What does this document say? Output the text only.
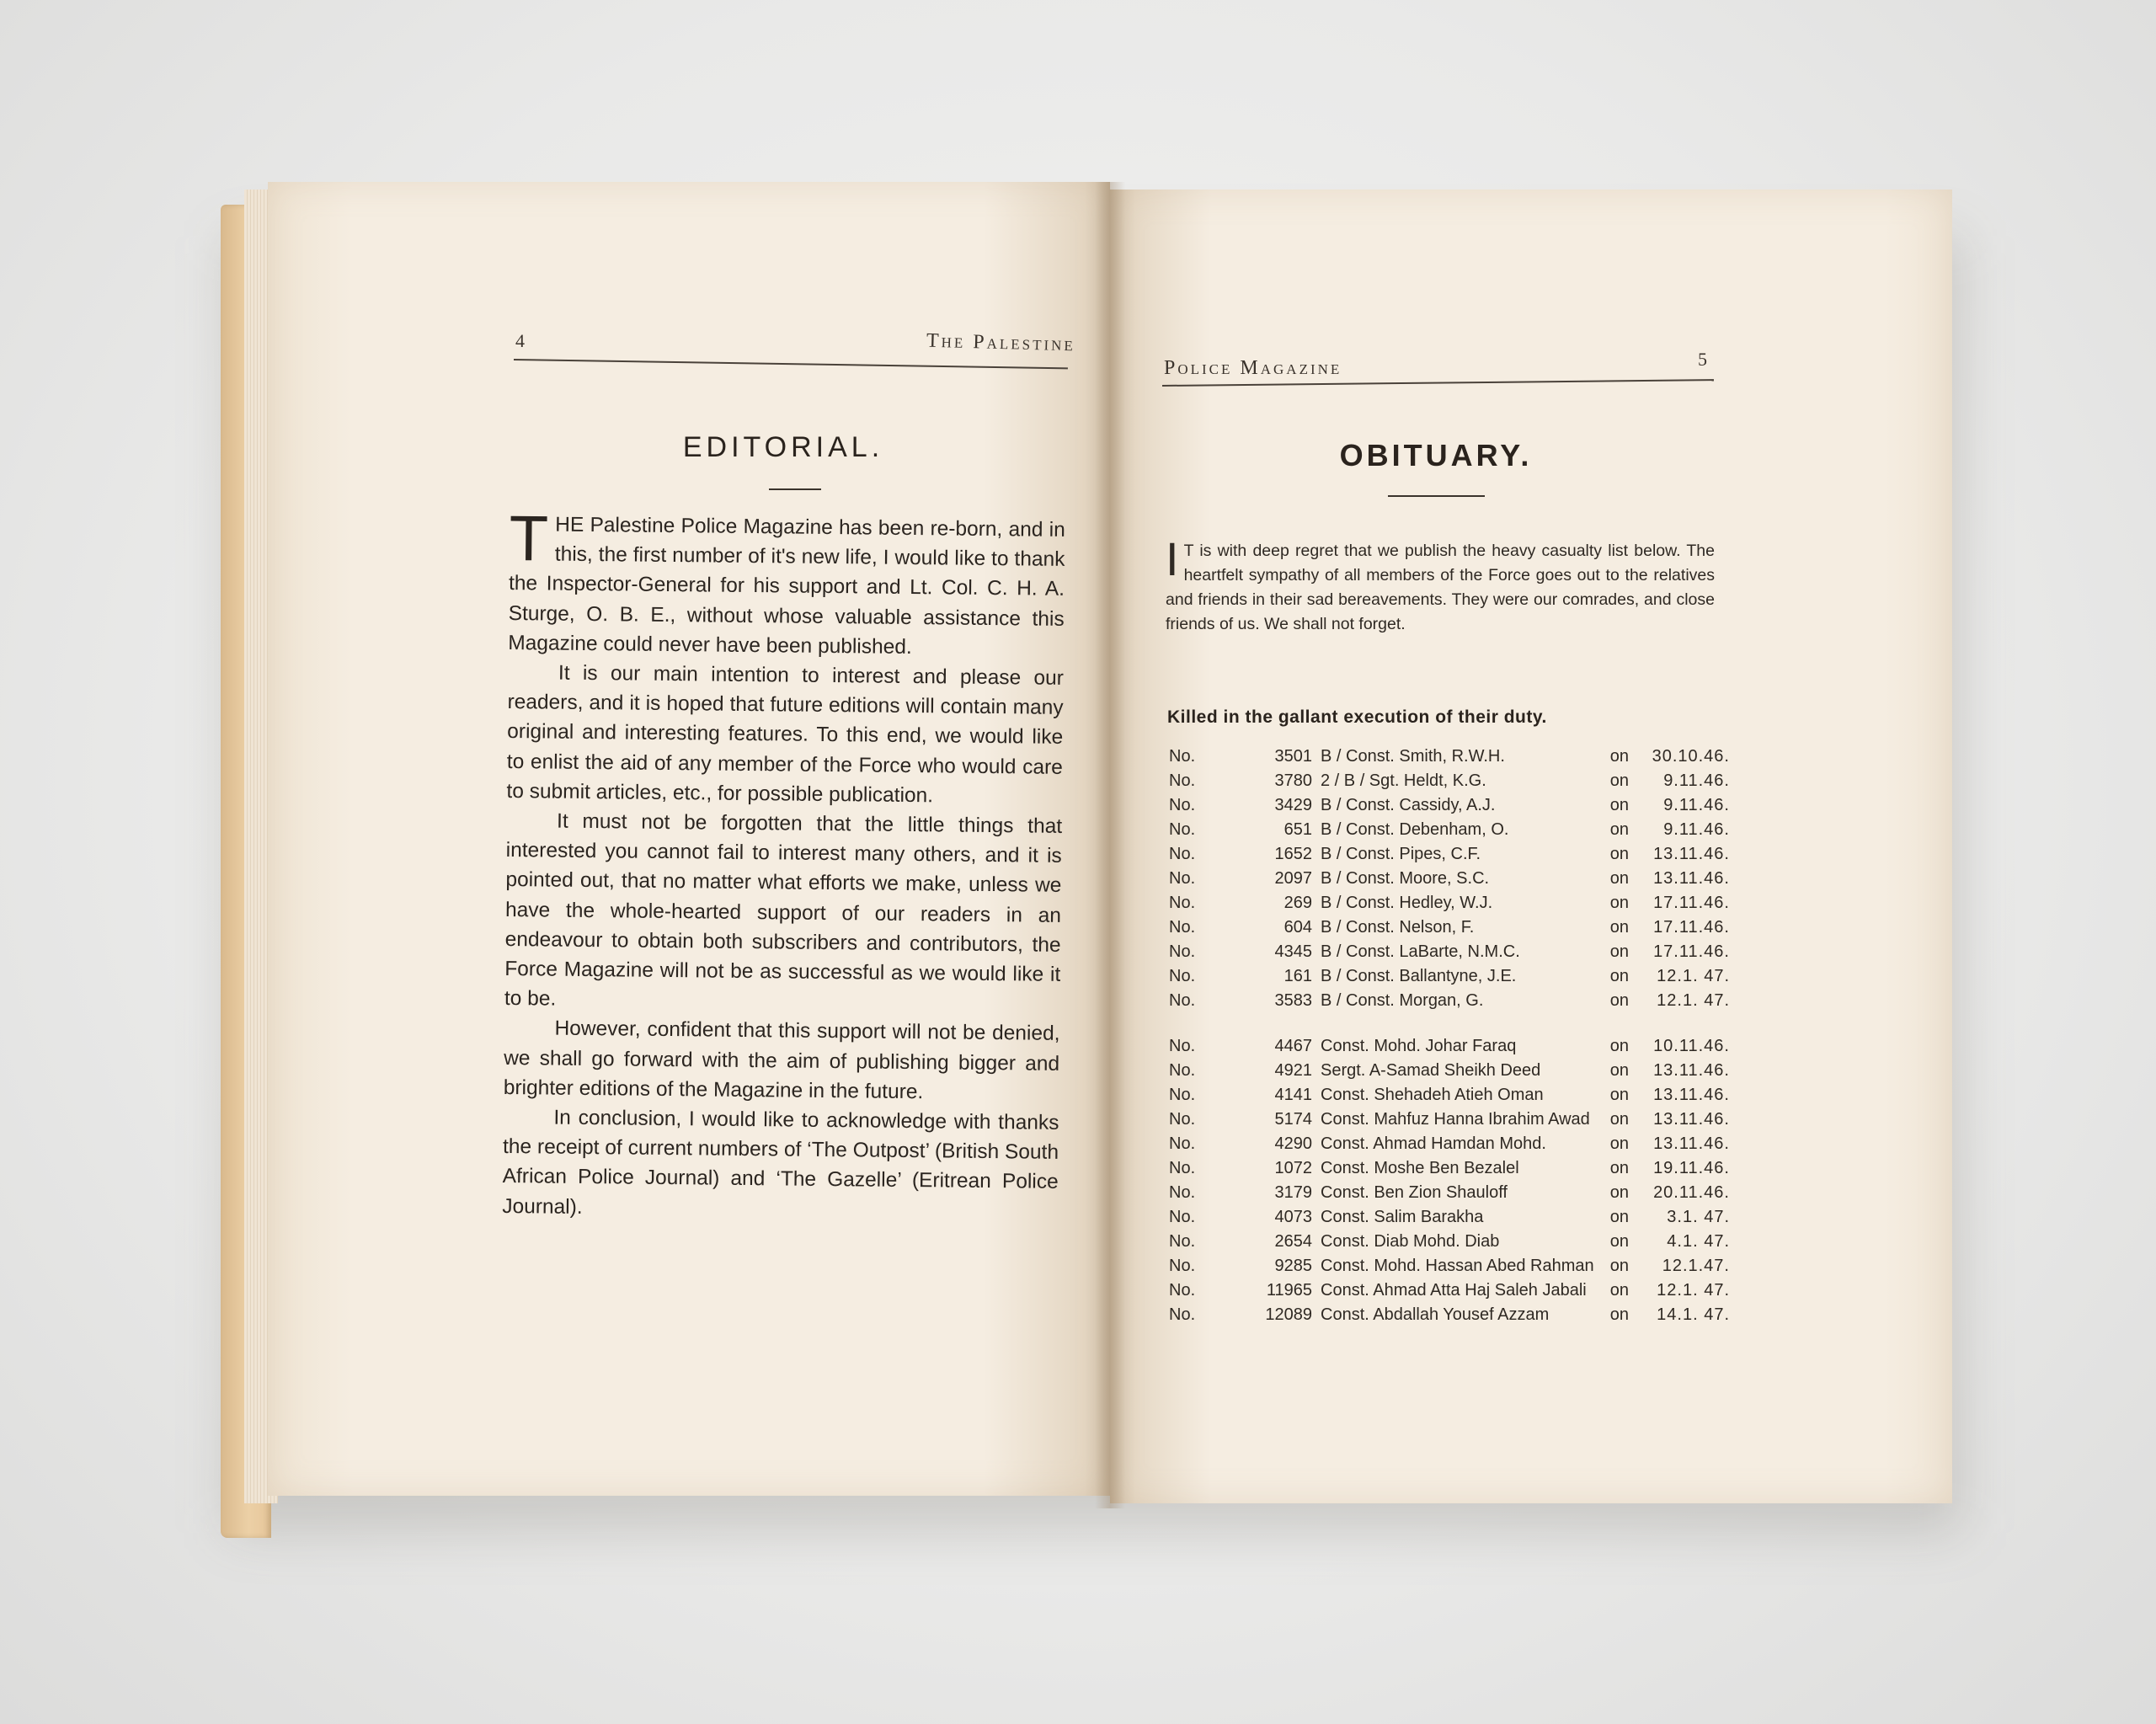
4	The Palestine
EDITORIAL.

THE Palestine Police Magazine has been re-born, and in this, the first number of it's new life, I would like to thank the Inspector-General for his support and Lt. Col. C. H. A. Sturge, O. B. E., without whose valuable assistance this Magazine could never have been published.

It is our main intention to interest and please our readers, and it is hoped that future editions will contain many original and interesting features. To this end, we would like to enlist the aid of any member of the Force who would care to submit articles, etc., for possible publication.

It must not be forgotten that the little things that interested you cannot fail to interest many others, and it is pointed out, that no matter what efforts we make, unless we have the whole-hearted support of our readers in an endeavour to obtain both subscribers and contributors, the Force Magazine will not be as successful as we would like it to be.

However, confident that this support will not be denied, we shall go forward with the aim of publishing bigger and brighter editions of the Magazine in the future.

In conclusion, I would like to acknowledge with thanks the receipt of current numbers of ‘The Outpost’ (British South African Police Journal) and ‘The Gazelle’ (Eritrean Police Journal).

Police Magazine	5
OBITUARY.
I T is with deep regret that we publish the heavy casualty list below. The heartfelt sympathy of all members of the Force goes out to the relatives and friends in their sad bereavements. They were our comrades, and close friends of us. We shall not forget.
Killed in the gallant execution of their duty.
No.	3501 B / Const. Smith, R.W.H.	on	30.10.46.
No.	3780 2 / B / Sgt. Heldt, K.G.	on	9.11.46.
No.	3429 B / Const. Cassidy, A.J.	on	9.11.46.
No.	651 B / Const. Debenham, O.	on	9.11.46.
No.	1652 B / Const. Pipes, C.F.	on	13.11.46.
No.	2097 B / Const. Moore, S.C.	on	13.11.46.
No.	269 B / Const. Hedley, W.J.	on	17.11.46.
No.	604 B / Const. Nelson, F.	on	17.11.46.
No.	4345 B / Const. LaBarte, N.M.C.	on	17.11.46.
No.	161 B / Const. Ballantyne, J.E.	on	12.1. 47.
No.	3583 B / Const. Morgan, G.	on	12.1. 47.
No.	4467 Const. Mohd. Johar Faraq	on	10.11.46.
No.	4921 Sergt. A-Samad Sheikh Deed	on	13.11.46.
No.	4141 Const. Shehadeh Atieh Oman	on	13.11.46.
No.	5174 Const. Mahfuz Hanna Ibrahim Awad	on	13.11.46.
No.	4290 Const. Ahmad Hamdan Mohd.	on	13.11.46.
No.	1072 Const. Moshe Ben Bezalel	on	19.11.46.
No.	3179 Const. Ben Zion Shauloff	on	20.11.46.
No.	4073 Const. Salim Barakha	on	3.1. 47.
No.	2654 Const. Diab Mohd. Diab	on	4.1. 47.
No.	9285 Const. Mohd. Hassan Abed Rahman on	12.1.47.
No.	11965 Const. Ahmad Atta Haj Saleh Jabali	on	12.1. 47.
No.	12089 Const. Abdallah Yousef Azzam	on	14.1. 47.
